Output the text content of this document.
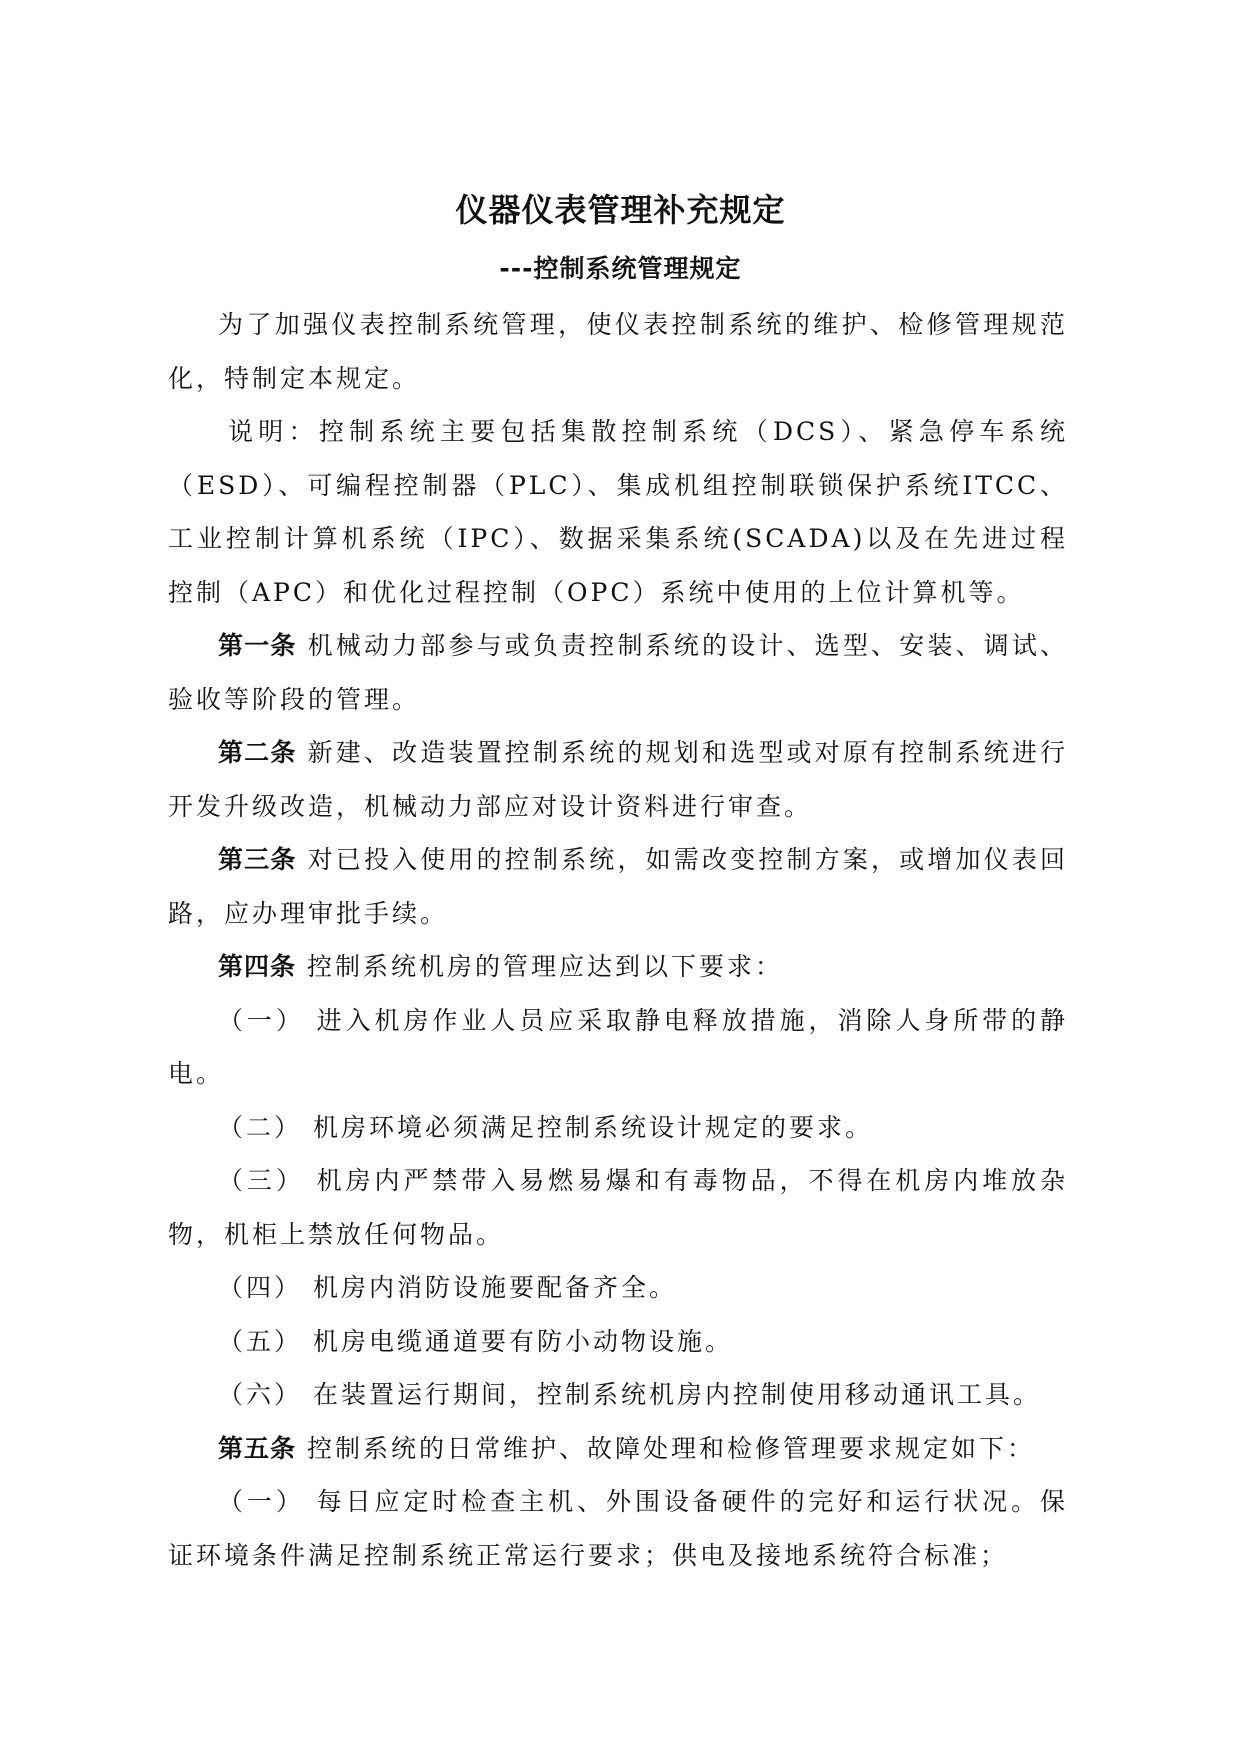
仪器仪表管理补充规定
---控制系统管理规定

为了加强仪表控制系统管理，使仪表控制系统的维护、检修管理规范化，特制定本规定。

说明：控制系统主要包括集散控制系统（DCS）、紧急停车系统（ESD）、可编程控制器（PLC）、集成机组控制联锁保护系统ITCC、工业控制计算机系统（IPC）、数据采集系统(SCADA)以及在先进过程控制（APC）和优化过程控制（OPC）系统中使用的上位计算机等。

第一条 机械动力部参与或负责控制系统的设计、选型、安装、调试、验收等阶段的管理。

第二条 新建、改造装置控制系统的规划和选型或对原有控制系统进行开发升级改造，机械动力部应对设计资料进行审查。

第三条 对已投入使用的控制系统，如需改变控制方案，或增加仪表回路，应办理审批手续。

第四条 控制系统机房的管理应达到以下要求：

（一） 进入机房作业人员应采取静电释放措施，消除人身所带的静电。

（二） 机房环境必须满足控制系统设计规定的要求。

（三） 机房内严禁带入易燃易爆和有毒物品，不得在机房内堆放杂物，机柜上禁放任何物品。

（四） 机房内消防设施要配备齐全。

（五） 机房电缆通道要有防小动物设施。

（六） 在装置运行期间，控制系统机房内控制使用移动通讯工具。

第五条 控制系统的日常维护、故障处理和检修管理要求规定如下：

（一） 每日应定时检查主机、外围设备硬件的完好和运行状况。保证环境条件满足控制系统正常运行要求；供电及接地系统符合标准；
